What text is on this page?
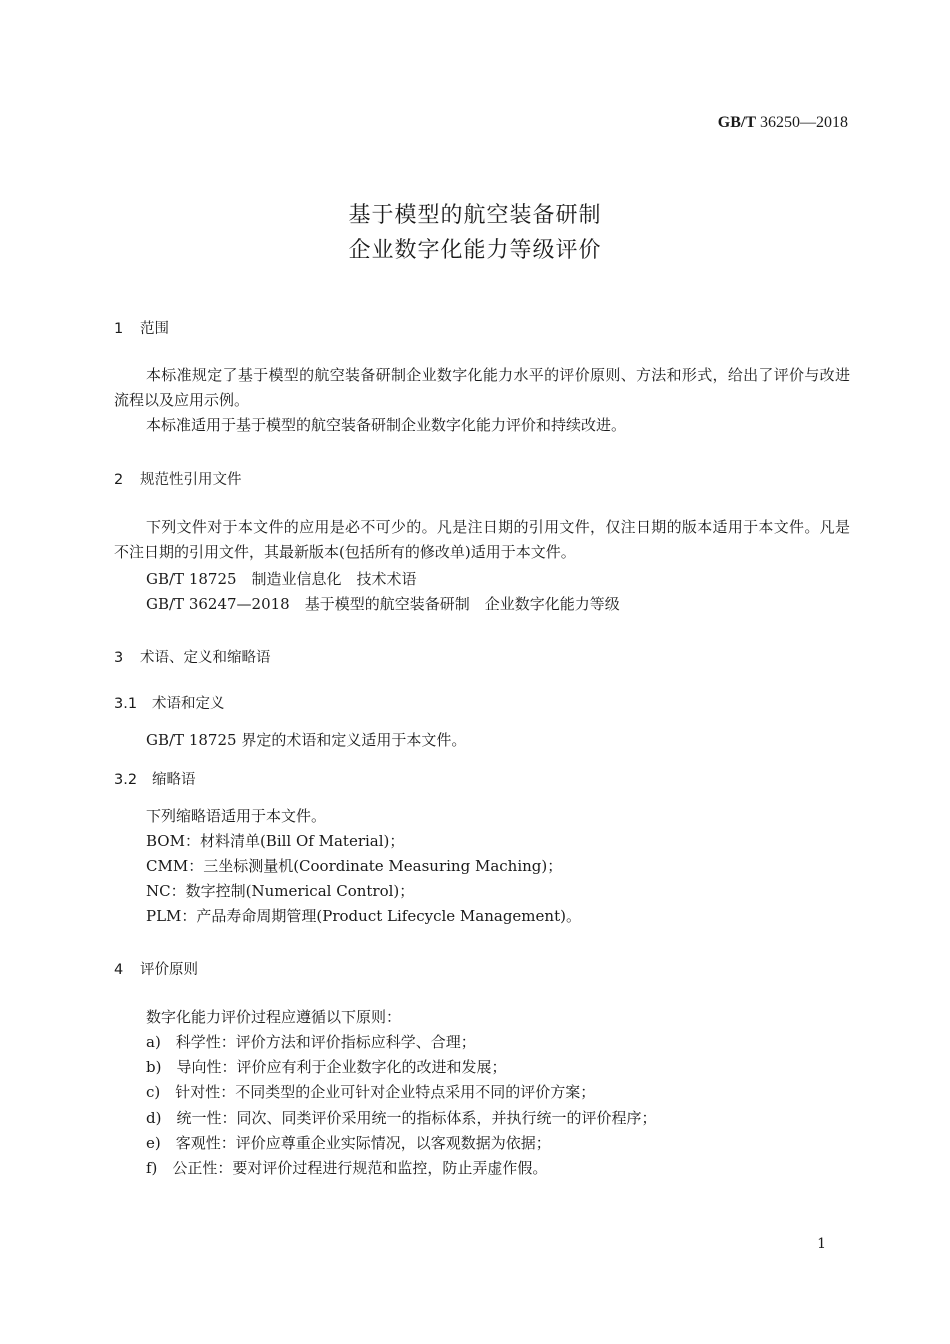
GB/T 36250—2018
基于模型的航空装备研制
企业数字化能力等级评价
1 范围
本标准规定了基于模型的航空装备研制企业数字化能力水平的评价原则、方法和形式，给出了评价与改进流程以及应用示例。
本标准适用于基于模型的航空装备研制企业数字化能力评价和持续改进。
2 规范性引用文件
下列文件对于本文件的应用是必不可少的。凡是注日期的引用文件，仅注日期的版本适用于本文件。凡是不注日期的引用文件，其最新版本(包括所有的修改单)适用于本文件。
GB/T 18725　制造业信息化　技术术语
GB/T 36247—2018　基于模型的航空装备研制　企业数字化能力等级
3 术语、定义和缩略语
3.1 术语和定义
GB/T 18725 界定的术语和定义适用于本文件。
3.2 缩略语
下列缩略语适用于本文件。
BOM：材料清单(Bill Of Material)；
CMM：三坐标测量机(Coordinate Measuring Maching)；
NC：数字控制(Numerical Control)；
PLM：产品寿命周期管理(Product Lifecycle Management)。
4 评价原则
数字化能力评价过程应遵循以下原则：
a)　科学性：评价方法和评价指标应科学、合理；
b)　导向性：评价应有利于企业数字化的改进和发展；
c)　针对性：不同类型的企业可针对企业特点采用不同的评价方案；
d)　统一性：同次、同类评价采用统一的指标体系，并执行统一的评价程序；
e)　客观性：评价应尊重企业实际情况，以客观数据为依据；
f)　公正性：要对评价过程进行规范和监控，防止弄虚作假。
1
